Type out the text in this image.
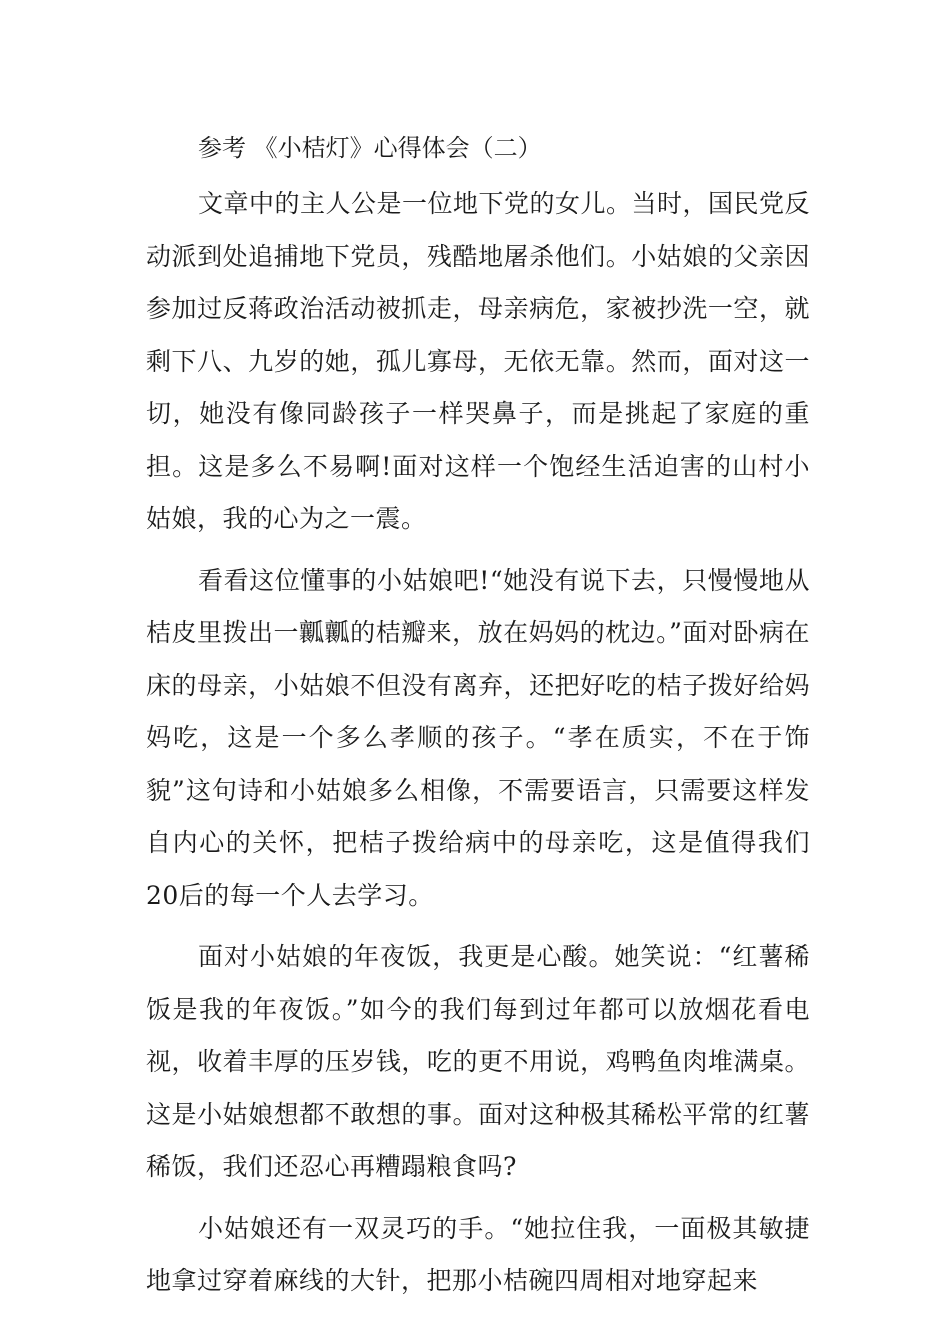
参考 《小桔灯》心得体会（二）

文章中的主人公是一位地下党的女儿。当时，国民党反动派到处追捕地下党员，残酷地屠杀他们。小姑娘的父亲因参加过反蒋政治活动被抓走，母亲病危，家被抄洗一空，就剩下八、九岁的她，孤儿寡母，无依无靠。然而，面对这一切，她没有像同龄孩子一样哭鼻子，而是挑起了家庭的重担。这是多么不易啊!面对这样一个饱经生活迫害的山村小姑娘，我的心为之一震。

看看这位懂事的小姑娘吧!“她没有说下去，只慢慢地从桔皮里拨出一瓤瓤的桔瓣来，放在妈妈的枕边。”面对卧病在床的母亲，小姑娘不但没有离弃，还把好吃的桔子拨好给妈妈吃，这是一个多么孝顺的孩子。“孝在质实，不在于饰貌”这句诗和小姑娘多么相像，不需要语言，只需要这样发自内心的关怀，把桔子拨给病中的母亲吃，这是值得我们20后的每一个人去学习。

面对小姑娘的年夜饭，我更是心酸。她笑说：“红薯稀饭是我的年夜饭。”如今的我们每到过年都可以放烟花看电视，收着丰厚的压岁钱，吃的更不用说，鸡鸭鱼肉堆满桌。这是小姑娘想都不敢想的事。面对这种极其稀松平常的红薯稀饭，我们还忍心再糟蹋粮食吗?

小姑娘还有一双灵巧的手。“她拉住我，一面极其敏捷地拿过穿着麻线的大针，把那小桔碗四周相对地穿起来
